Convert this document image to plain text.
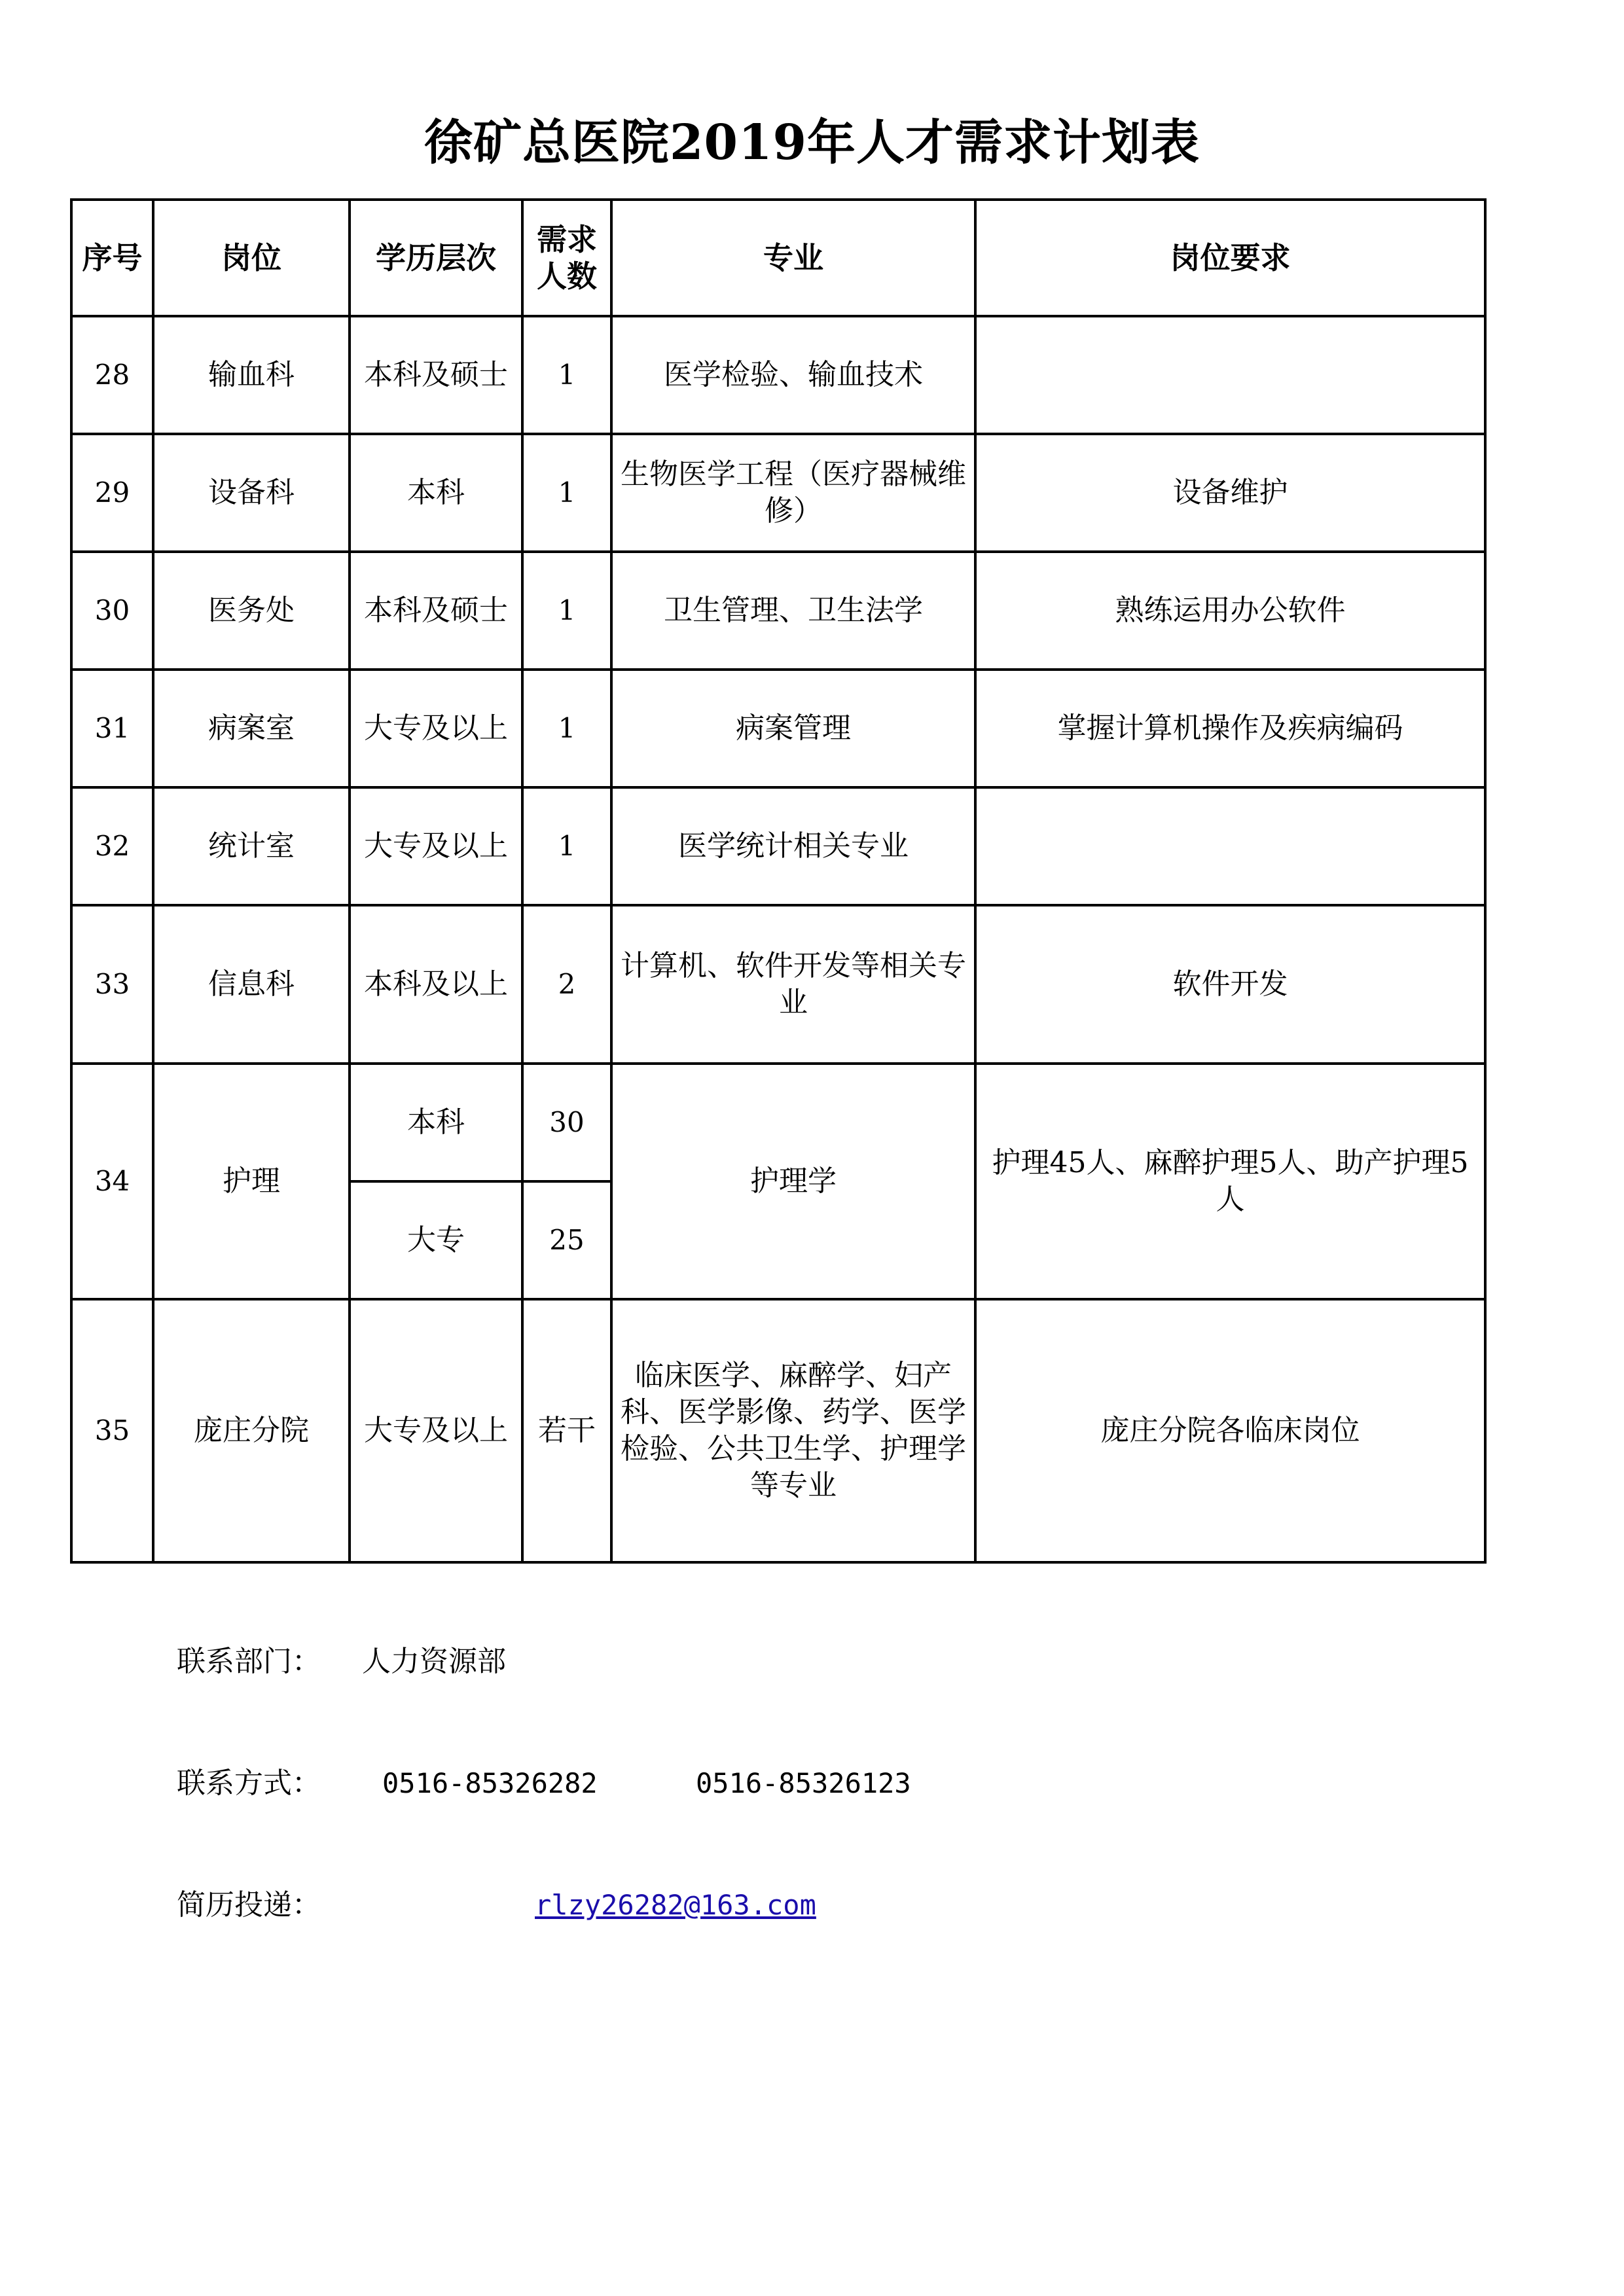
徐矿总医院2019年人才需求计划表
序号	岗位	学历层次	需求人数	专业	岗位要求
28	输血科	本科及硕士	1	医学检验、输血技术	
29	设备科	本科	1	生物医学工程（医疗器械维修）	设备维护
30	医务处	本科及硕士	1	卫生管理、卫生法学	熟练运用办公软件
31	病案室	大专及以上	1	病案管理	掌握计算机操作及疾病编码
32	统计室	大专及以上	1	医学统计相关专业	
33	信息科	本科及以上	2	计算机、软件开发等相关专业	软件开发
34	护理	本科	30	护理学	护理45人、麻醉护理5人、助产护理5人
		大专	25		
35	庞庄分院	大专及以上	若干	临床医学、麻醉学、妇产科、医学影像、药学、医学检验、公共卫生学、护理学等专业	庞庄分院各临床岗位
联系部门： 人力资源部
联系方式： 0516-85326282	0516-85326123
简历投递：	rlzy26282@163.com
